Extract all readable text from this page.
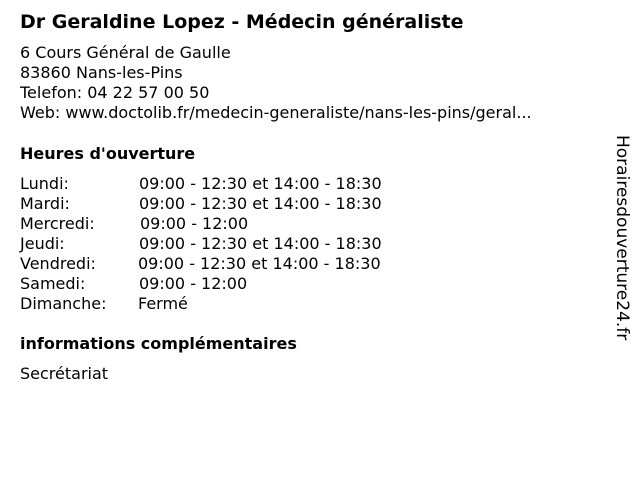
Dr Geraldine Lopez - Médecin généraliste
6 Cours Général de Gaulle
83860 Nans-les-Pins
Telefon: 04 22 57 00 50
Web: www.doctolib.fr/medecin-generaliste/nans-les-pins/geral...
Heures d'ouverture
Lundi:	09:00 - 12:30 et 14:00 - 18:30
Mardi:	09:00 - 12:30 et 14:00 - 18:30
Mercredi:	09:00 - 12:00
Jeudi:	09:00 - 12:30 et 14:00 - 18:30
Vendredi:	09:00 - 12:30 et 14:00 - 18:30
Samedi:	09:00 - 12:00
Dimanche: Fermé
informations complémentaires
Secrétariat
Horairesdouverture24.fr
